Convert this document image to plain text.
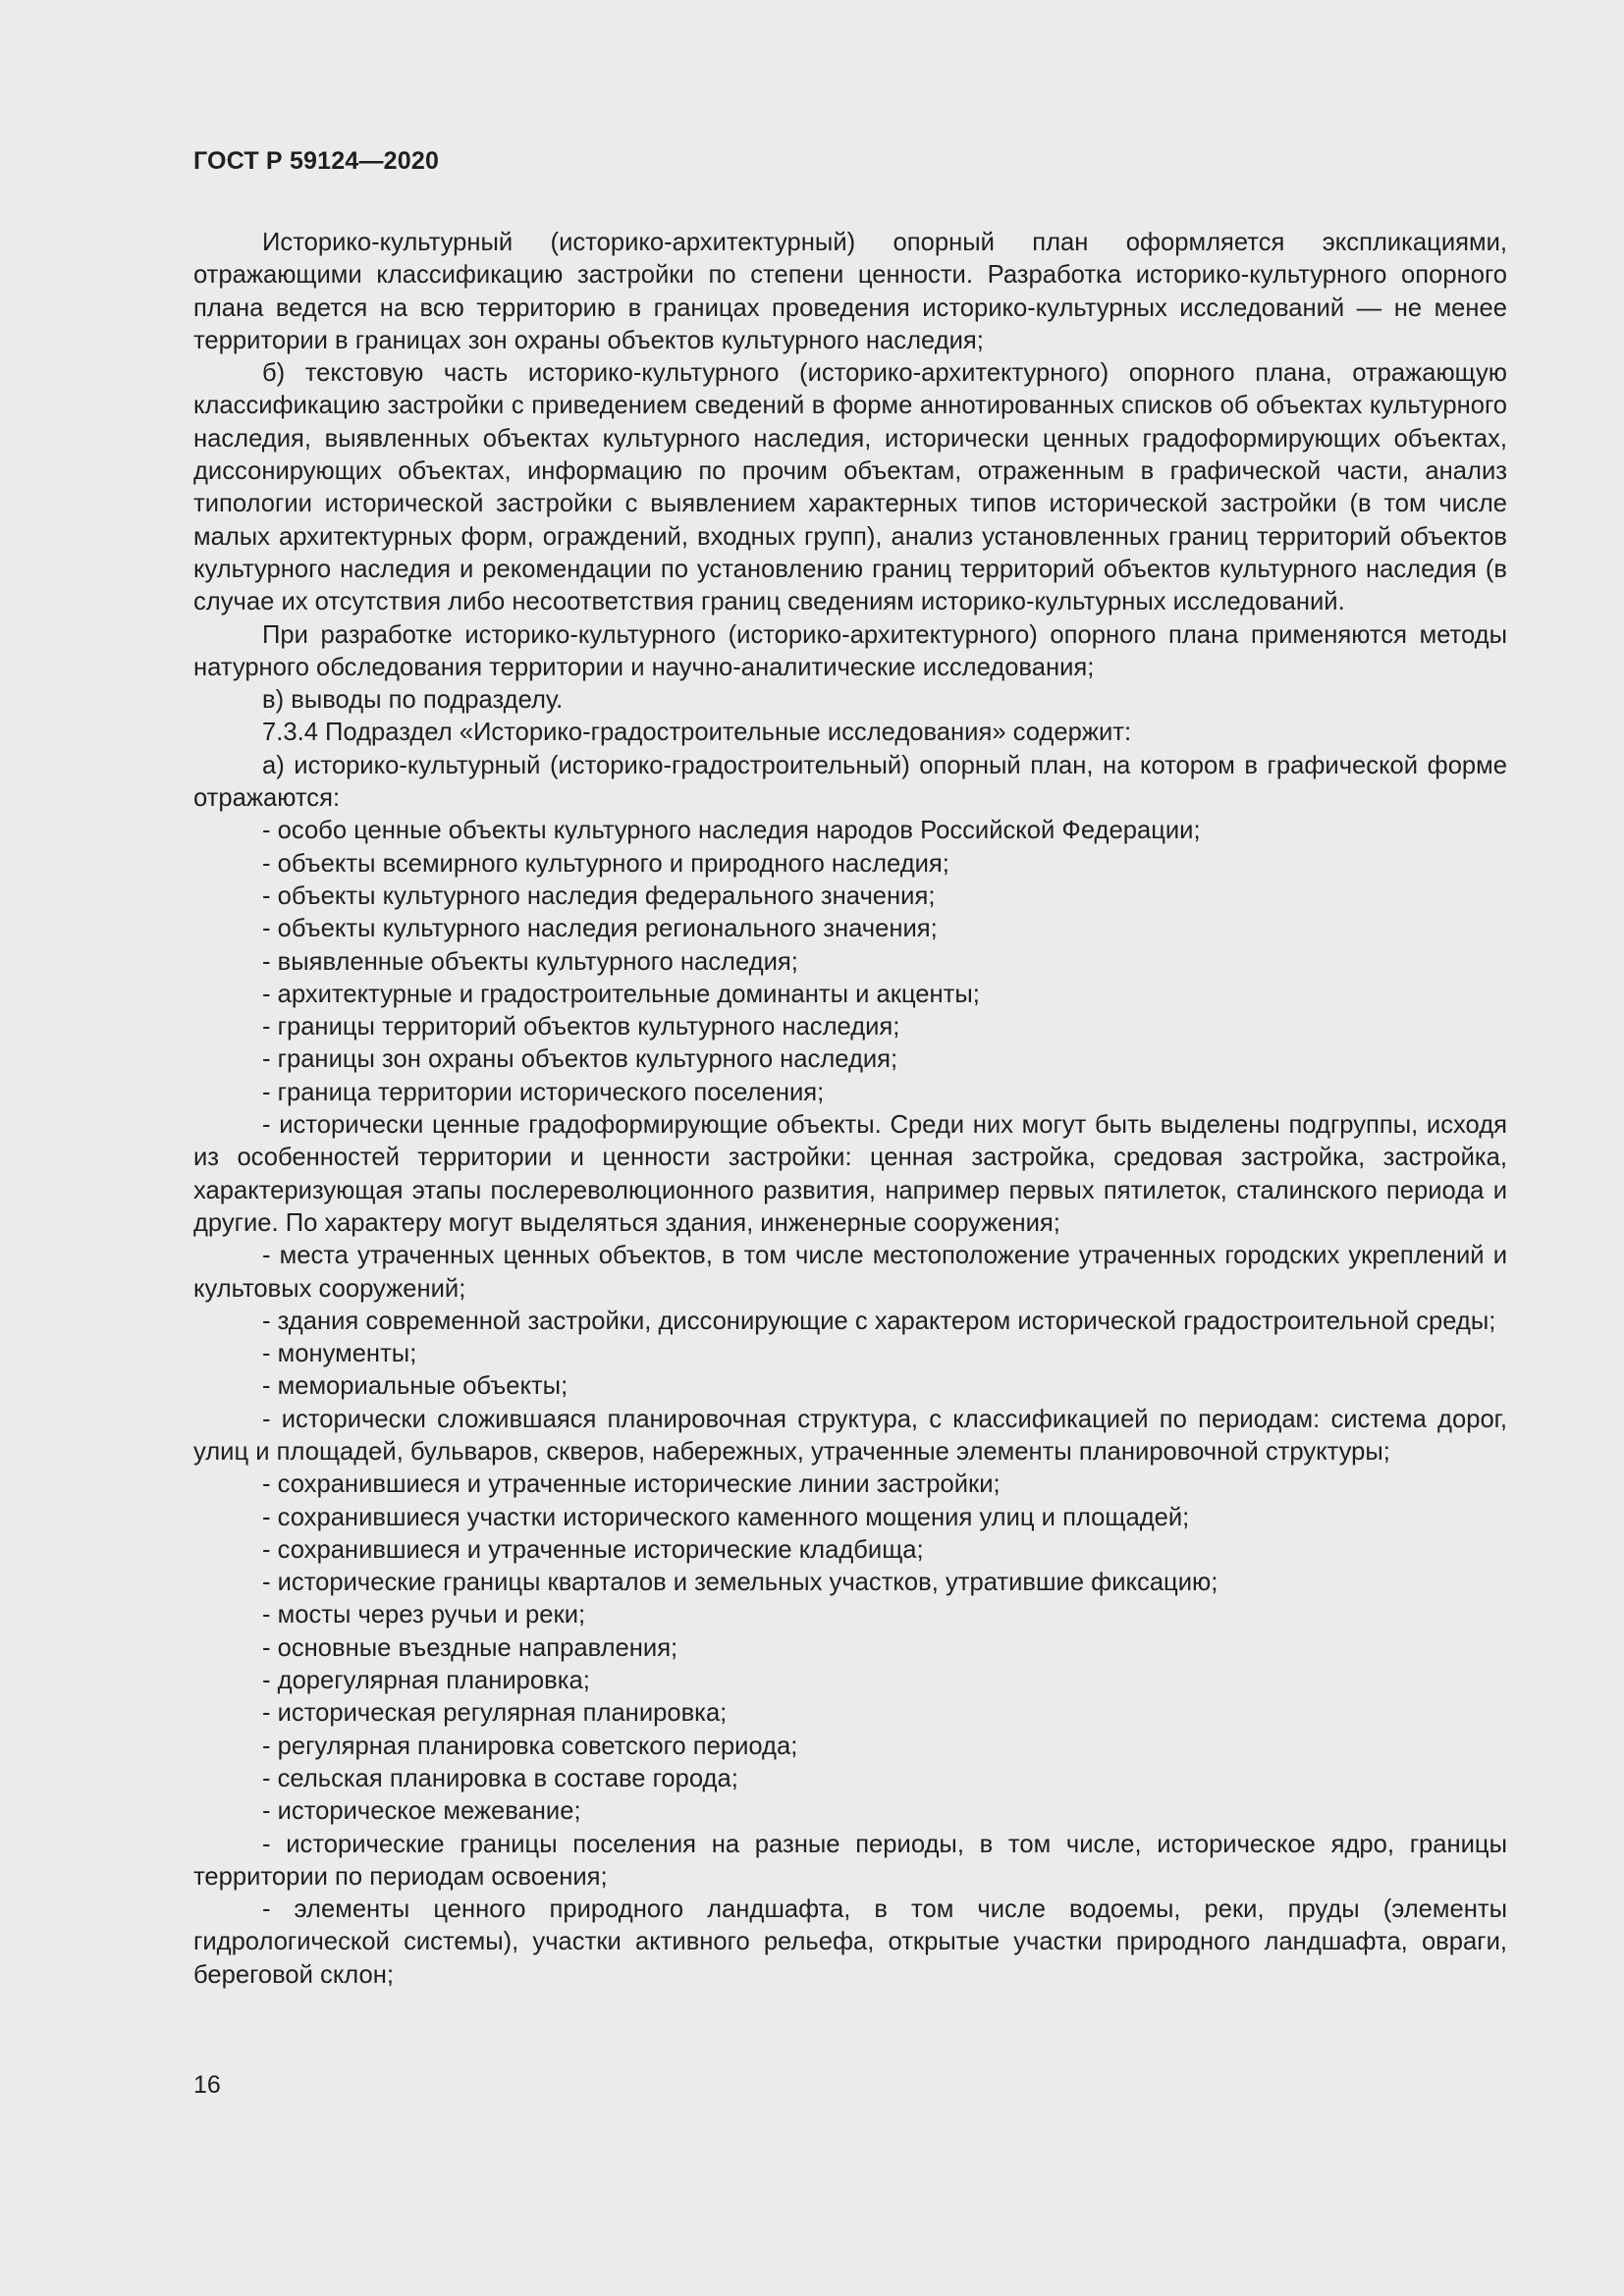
ГОСТ Р 59124—2020

Историко-культурный (историко-архитектурный) опорный план оформляется экспликациями, отражающими классификацию застройки по степени ценности. Разработка историко-культурного опорного плана ведется на всю территорию в границах проведения историко-культурных исследований — не менее территории в границах зон охраны объектов культурного наследия;

б) текстовую часть историко-культурного (историко-архитектурного) опорного плана, отражающую классификацию застройки с приведением сведений в форме аннотированных списков об объектах культурного наследия, выявленных объектах культурного наследия, исторически ценных градоформирующих объектах, диссонирующих объектах, информацию по прочим объектам, отраженным в графической части, анализ типологии исторической застройки с выявлением характерных типов исторической застройки (в том числе малых архитектурных форм, ограждений, входных групп), анализ установленных границ территорий объектов культурного наследия и рекомендации по установлению границ территорий объектов культурного наследия (в случае их отсутствия либо несоответствия границ сведениям историко-культурных исследований.

При разработке историко-культурного (историко-архитектурного) опорного плана применяются методы натурного обследования территории и научно-аналитические исследования;

в) выводы по подразделу.

7.3.4 Подраздел «Историко-градостроительные исследования» содержит:

а) историко-культурный (историко-градостроительный) опорный план, на котором в графической форме отражаются:

- особо ценные объекты культурного наследия народов Российской Федерации;

- объекты всемирного культурного и природного наследия;

- объекты культурного наследия федерального значения;

- объекты культурного наследия регионального значения;

- выявленные объекты культурного наследия;

- архитектурные и градостроительные доминанты и акценты;

- границы территорий объектов культурного наследия;

- границы зон охраны объектов культурного наследия;

- граница территории исторического поселения;

- исторически ценные градоформирующие объекты. Среди них могут быть выделены подгруппы, исходя из особенностей территории и ценности застройки: ценная застройка, средовая застройка, застройка, характеризующая этапы послереволюционного развития, например первых пятилеток, сталинского периода и другие. По характеру могут выделяться здания, инженерные сооружения;

- места утраченных ценных объектов, в том числе местоположение утраченных городских укреплений и культовых сооружений;

- здания современной застройки, диссонирующие с характером исторической градостроительной среды;

- монументы;

- мемориальные объекты;

- исторически сложившаяся планировочная структура, с классификацией по периодам: система дорог, улиц и площадей, бульваров, скверов, набережных, утраченные элементы планировочной структуры;

- сохранившиеся и утраченные исторические линии застройки;

- сохранившиеся участки исторического каменного мощения улиц и площадей;

- сохранившиеся и утраченные исторические кладбища;

- исторические границы кварталов и земельных участков, утратившие фиксацию;

- мосты через ручьи и реки;

- основные въездные направления;

- дорегулярная планировка;

- историческая регулярная планировка;

- регулярная планировка советского периода;

- сельская планировка в составе города;

- историческое межевание;

- исторические границы поселения на разные периоды, в том числе, историческое ядро, границы территории по периодам освоения;

- элементы ценного природного ландшафта, в том числе водоемы, реки, пруды (элементы гидрологической системы), участки активного рельефа, открытые участки природного ландшафта, овраги, береговой склон;

16
